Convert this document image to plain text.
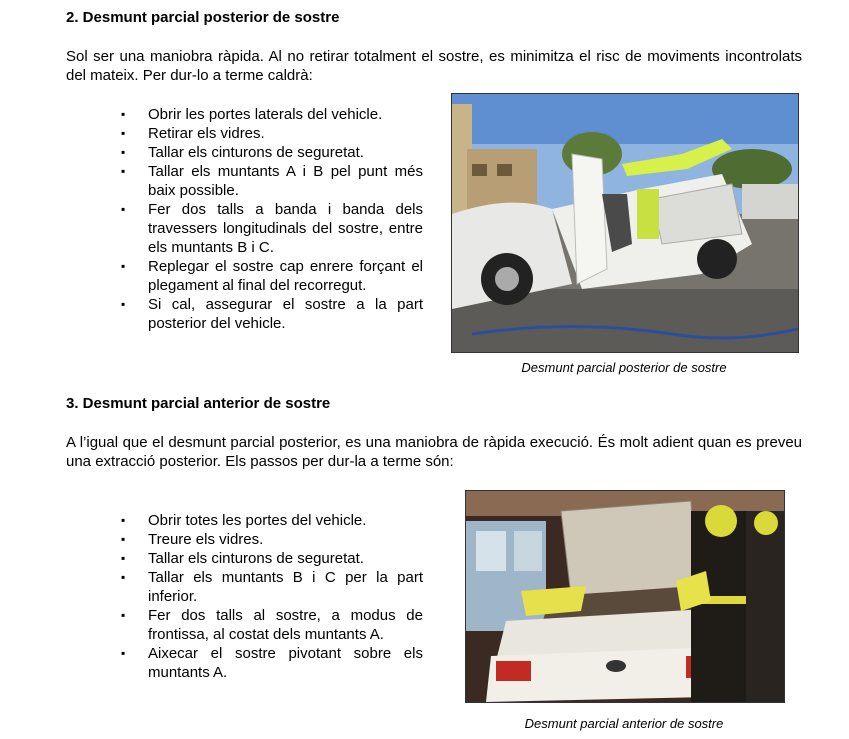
2. Desmunt parcial posterior de sostre

Sol ser una maniobra ràpida. Al no retirar totalment el sostre, es minimitza el risc de moviments incontrolats del mateix. Per dur-lo a terme caldrà:

▪ Obrir les portes laterals del vehicle.
▪ Retirar els vidres.
▪ Tallar els cinturons de seguretat.
▪ Tallar els muntants A i B pel punt més baix possible.
▪ Fer dos talls a banda i banda dels travessers longitudinals del sostre, entre els muntants B i C.
▪ Replegar el sostre cap enrere forçant el plegament al final del recorregut.
▪ Si cal, assegurar el sostre a la part posterior del vehicle.
Desmunt parcial posterior de sostre
3. Desmunt parcial anterior de sostre

A l’igual que el desmunt parcial posterior, es una maniobra de ràpida execució. És molt adient quan es preveu una extracció posterior. Els passos per dur-la a terme són:

▪ Obrir totes les portes del vehicle.
▪ Treure els vidres.
▪ Tallar els cinturons de seguretat.
▪ Tallar els muntants B i C per la part inferior.
▪ Fer dos talls al sostre, a modus de frontissa, al costat dels muntants A.
▪ Aixecar el sostre pivotant sobre els muntants A.
Desmunt parcial anterior de sostre
